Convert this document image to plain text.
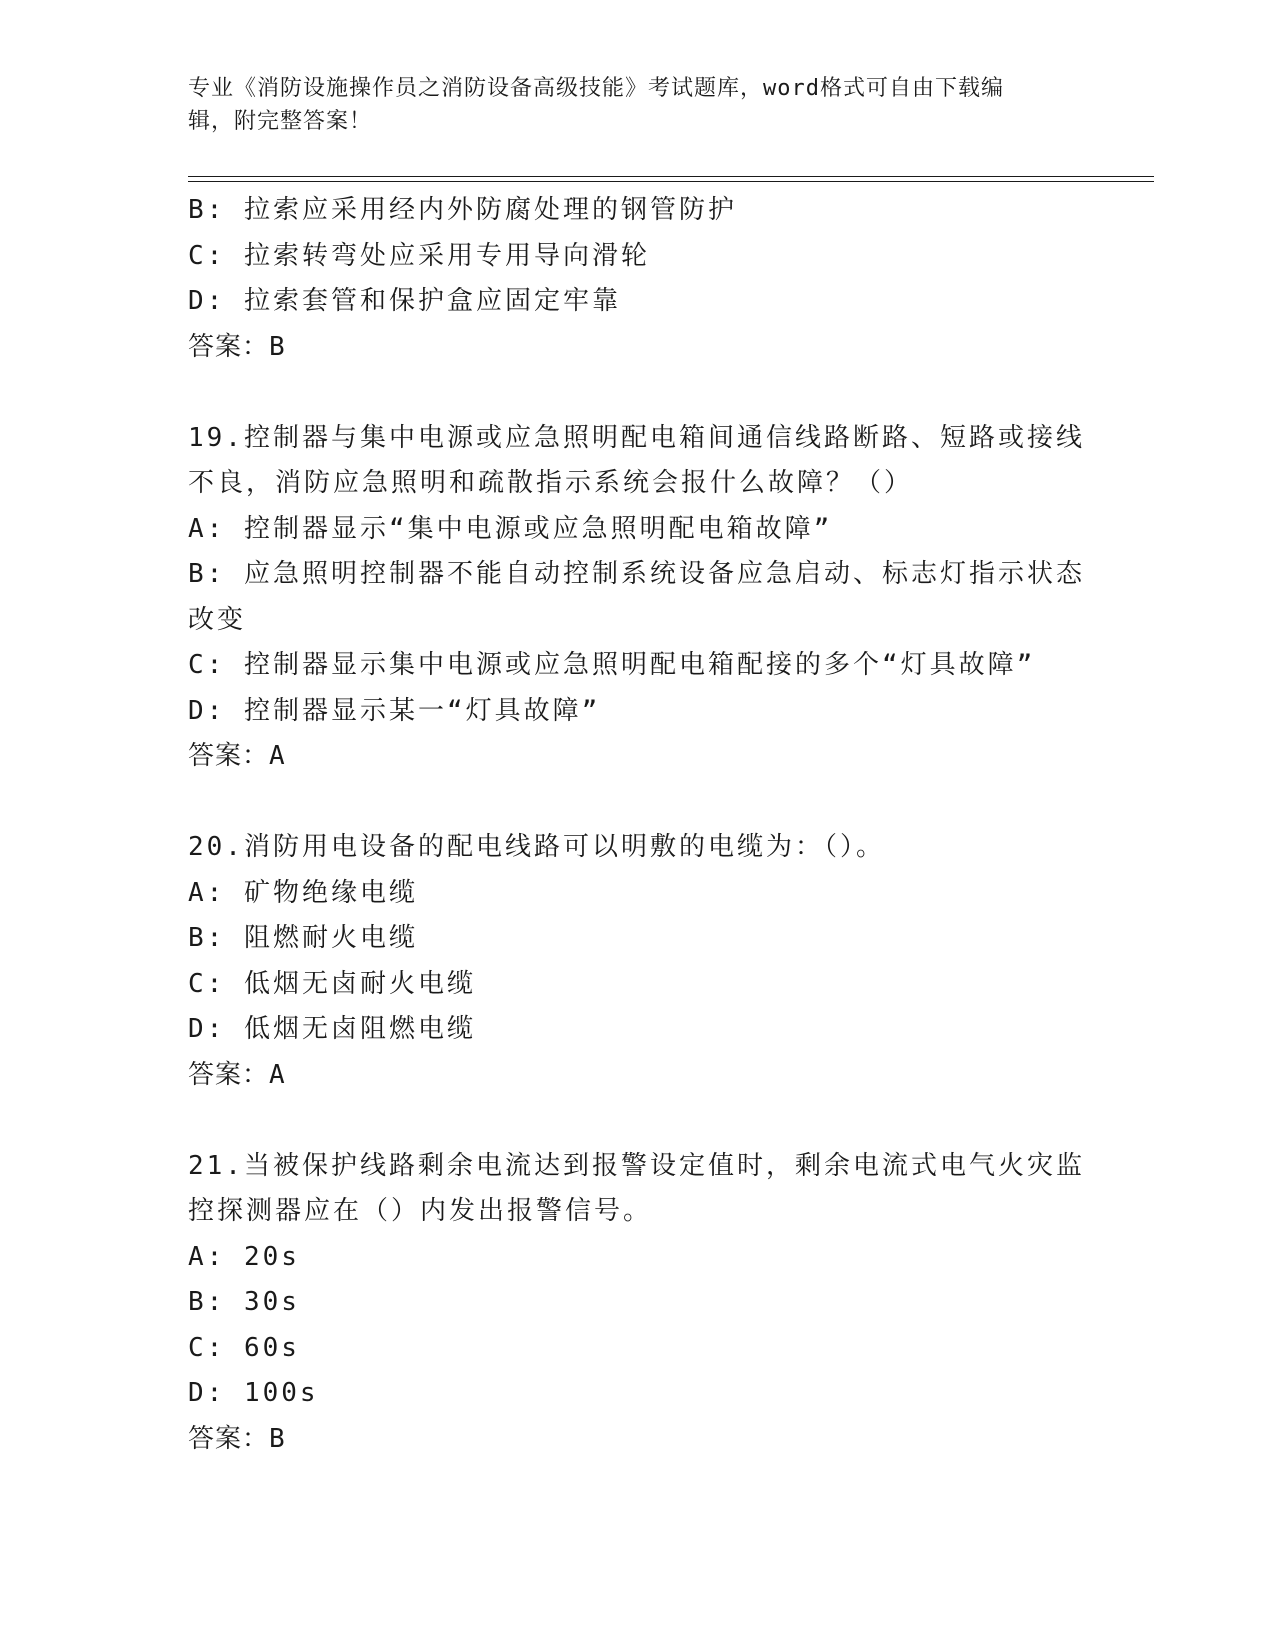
专业《消防设施操作员之消防设备高级技能》考试题库，word格式可自由下载编
辑，附完整答案！
B: 拉索应采用经内外防腐处理的钢管防护
C: 拉索转弯处应采用专用导向滑轮
D: 拉索套管和保护盒应固定牢靠
答案：B
19.控制器与集中电源或应急照明配电箱间通信线路断路、短路或接线
不良，消防应急照明和疏散指示系统会报什么故障？（）
A: 控制器显示“集中电源或应急照明配电箱故障”
B: 应急照明控制器不能自动控制系统设备应急启动、标志灯指示状态
改变
C: 控制器显示集中电源或应急照明配电箱配接的多个“灯具故障”
D: 控制器显示某一“灯具故障”
答案：A
20.消防用电设备的配电线路可以明敷的电缆为：（）。
A: 矿物绝缘电缆
B: 阻燃耐火电缆
C: 低烟无卤耐火电缆
D: 低烟无卤阻燃电缆
答案：A
21.当被保护线路剩余电流达到报警设定值时，剩余电流式电气火灾监
控探测器应在（）内发出报警信号。
A: 20s
B: 30s
C: 60s
D: 100s
答案：B
